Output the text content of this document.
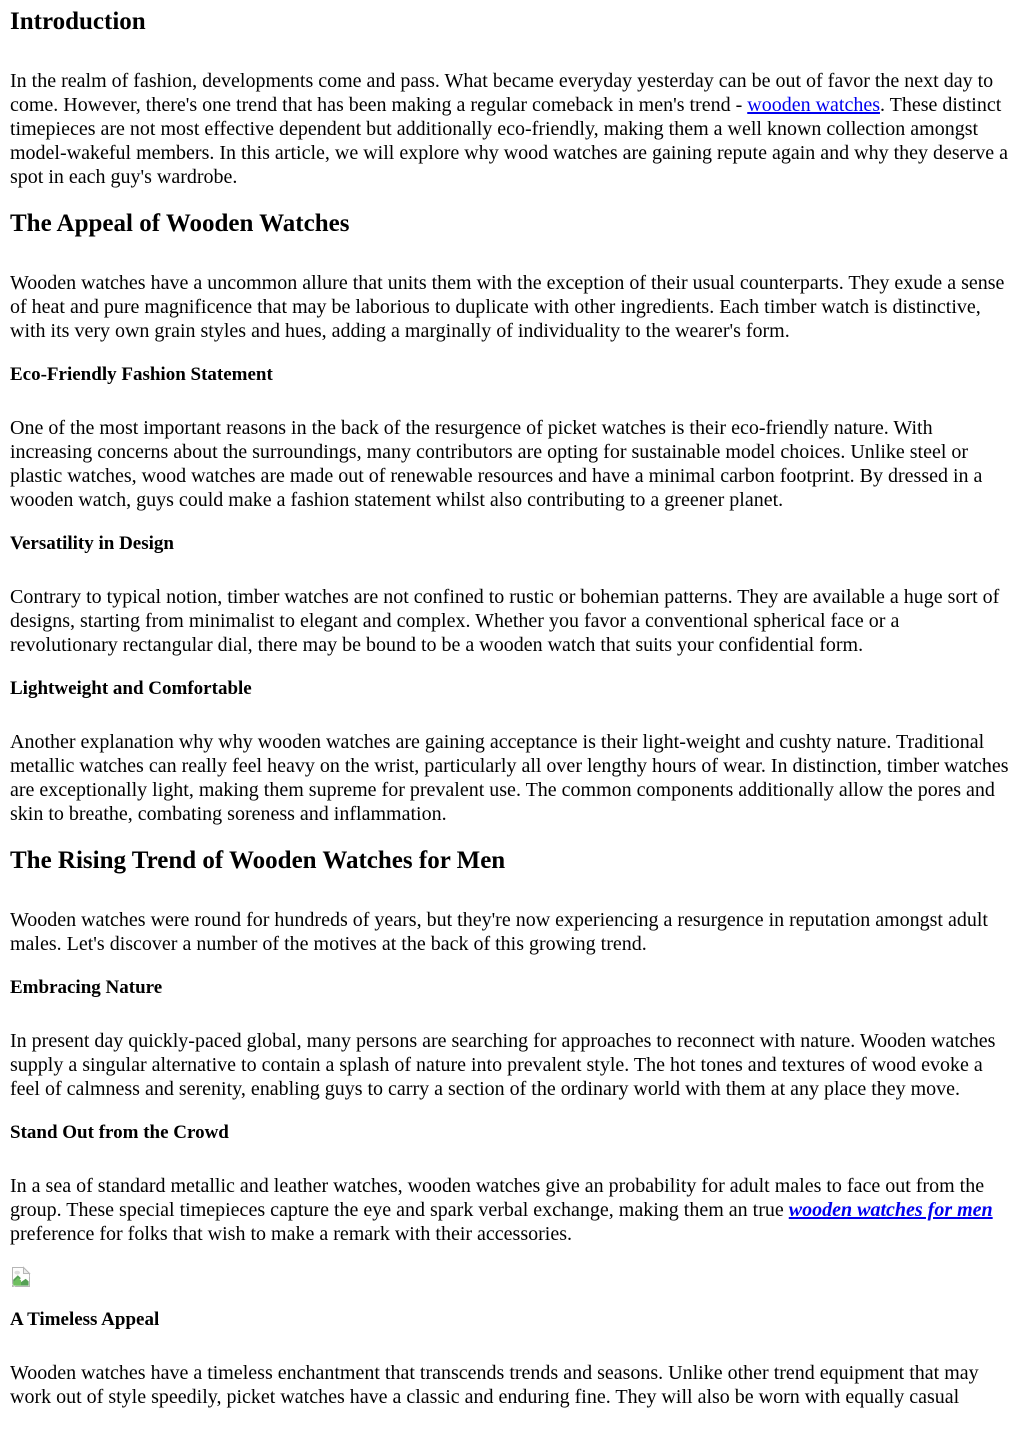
Introduction

In the realm of fashion, developments come and pass. What became everyday yesterday can be out of favor the next day to come. However, there's one trend that has been making a regular comeback in men's trend - wooden watches. These distinct timepieces are not most effective dependent but additionally eco-friendly, making them a well known collection amongst model-wakeful members. In this article, we will explore why wood watches are gaining repute again and why they deserve a spot in each guy's wardrobe.

The Appeal of Wooden Watches

Wooden watches have a uncommon allure that units them with the exception of their usual counterparts. They exude a sense of heat and pure magnificence that may be laborious to duplicate with other ingredients. Each timber watch is distinctive, with its very own grain styles and hues, adding a marginally of individuality to the wearer's form.

Eco-Friendly Fashion Statement

One of the most important reasons in the back of the resurgence of picket watches is their eco-friendly nature. With increasing concerns about the surroundings, many contributors are opting for sustainable model choices. Unlike steel or plastic watches, wood watches are made out of renewable resources and have a minimal carbon footprint. By dressed in a wooden watch, guys could make a fashion statement whilst also contributing to a greener planet.

Versatility in Design

Contrary to typical notion, timber watches are not confined to rustic or bohemian patterns. They are available a huge sort of designs, starting from minimalist to elegant and complex. Whether you favor a conventional spherical face or a revolutionary rectangular dial, there may be bound to be a wooden watch that suits your confidential form.

Lightweight and Comfortable

Another explanation why why wooden watches are gaining acceptance is their light-weight and cushty nature. Traditional metallic watches can really feel heavy on the wrist, particularly all over lengthy hours of wear. In distinction, timber watches are exceptionally light, making them supreme for prevalent use. The common components additionally allow the pores and skin to breathe, combating soreness and inflammation.

The Rising Trend of Wooden Watches for Men

Wooden watches were round for hundreds of years, but they're now experiencing a resurgence in reputation amongst adult males. Let's discover a number of the motives at the back of this growing trend.

Embracing Nature

In present day quickly-paced global, many persons are searching for approaches to reconnect with nature. Wooden watches supply a singular alternative to contain a splash of nature into prevalent style. The hot tones and textures of wood evoke a feel of calmness and serenity, enabling guys to carry a section of the ordinary world with them at any place they move.

Stand Out from the Crowd

In a sea of standard metallic and leather watches, wooden watches give an probability for adult males to face out from the group. These special timepieces capture the eye and spark verbal exchange, making them an true wooden watches for men preference for folks that wish to make a remark with their accessories.

A Timeless Appeal

Wooden watches have a timeless enchantment that transcends trends and seasons. Unlike other trend equipment that may work out of style speedily, picket watches have a classic and enduring fine. They will also be worn with equally casual
